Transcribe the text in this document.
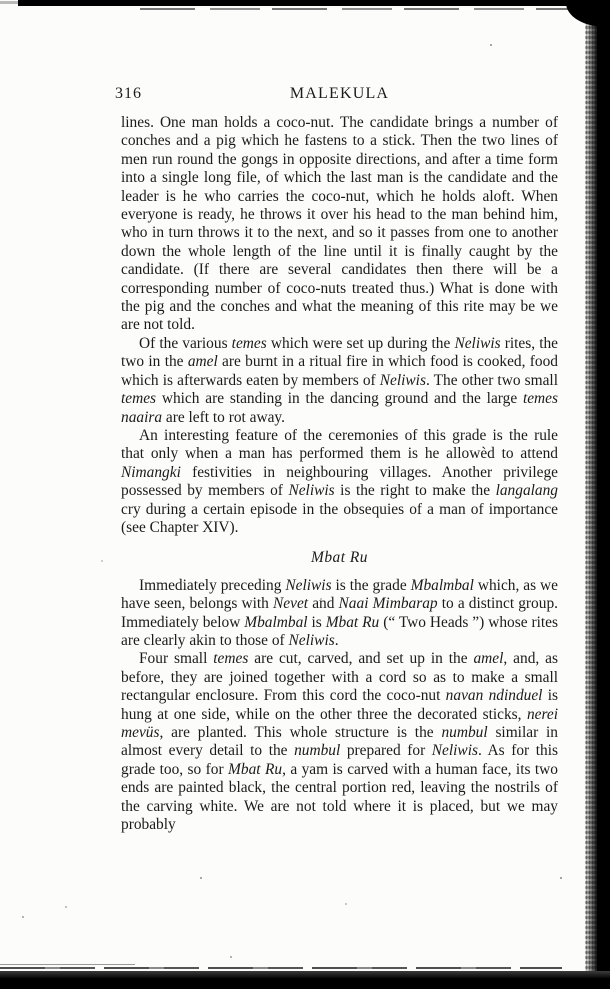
316	MALEKULA

lines. One man holds a coco-nut. The candidate brings a number of conches and a pig which he fastens to a stick. Then the two lines of men run round the gongs in opposite directions, and after a time form into a single long file, of which the last man is the candidate and the leader is he who carries the coco-nut, which he holds aloft. When everyone is ready, he throws it over his head to the man behind him, who in turn throws it to the next, and so it passes from one to another down the whole length of the line until it is finally caught by the candidate. (If there are several candidates then there will be a corresponding number of coco-nuts treated thus.) What is done with the pig and the conches and what the meaning of this rite may be we are not told.

Of the various temes which were set up during the Neliwis rites, the two in the amel are burnt in a ritual fire in which food is cooked, food which is afterwards eaten by members of Neliwis. The other two small temes which are standing in the dancing ground and the large temes naaira are left to rot away.

An interesting feature of the ceremonies of this grade is the rule that only when a man has performed them is he allowèd to attend Nimangki festivities in neighbouring villages. Another privilege possessed by members of Neliwis is the right to make the langalang cry during a certain episode in the obsequies of a man of importance (see Chapter XIV).

Mbat Ru

Immediately preceding Neliwis is the grade Mbalmbal which, as we have seen, belongs with Nevet and Naai Mimbarap to a distinct group. Immediately below Mbalmbal is Mbat Ru (“ Two Heads ”) whose rites are clearly akin to those of Neliwis.

Four small temes are cut, carved, and set up in the amel, and, as before, they are joined together with a cord so as to make a small rectangular enclosure. From this cord the coco-nut navan ndinduel is hung at one side, while on the other three the decorated sticks, nerei mevüs, are planted. This whole structure is the numbul similar in almost every detail to the numbul prepared for Neliwis. As for this grade too, so for Mbat Ru, a yam is carved with a human face, its two ends are painted black, the central portion red, leaving the nostrils of the carving white. We are not told where it is placed, but we may probably
